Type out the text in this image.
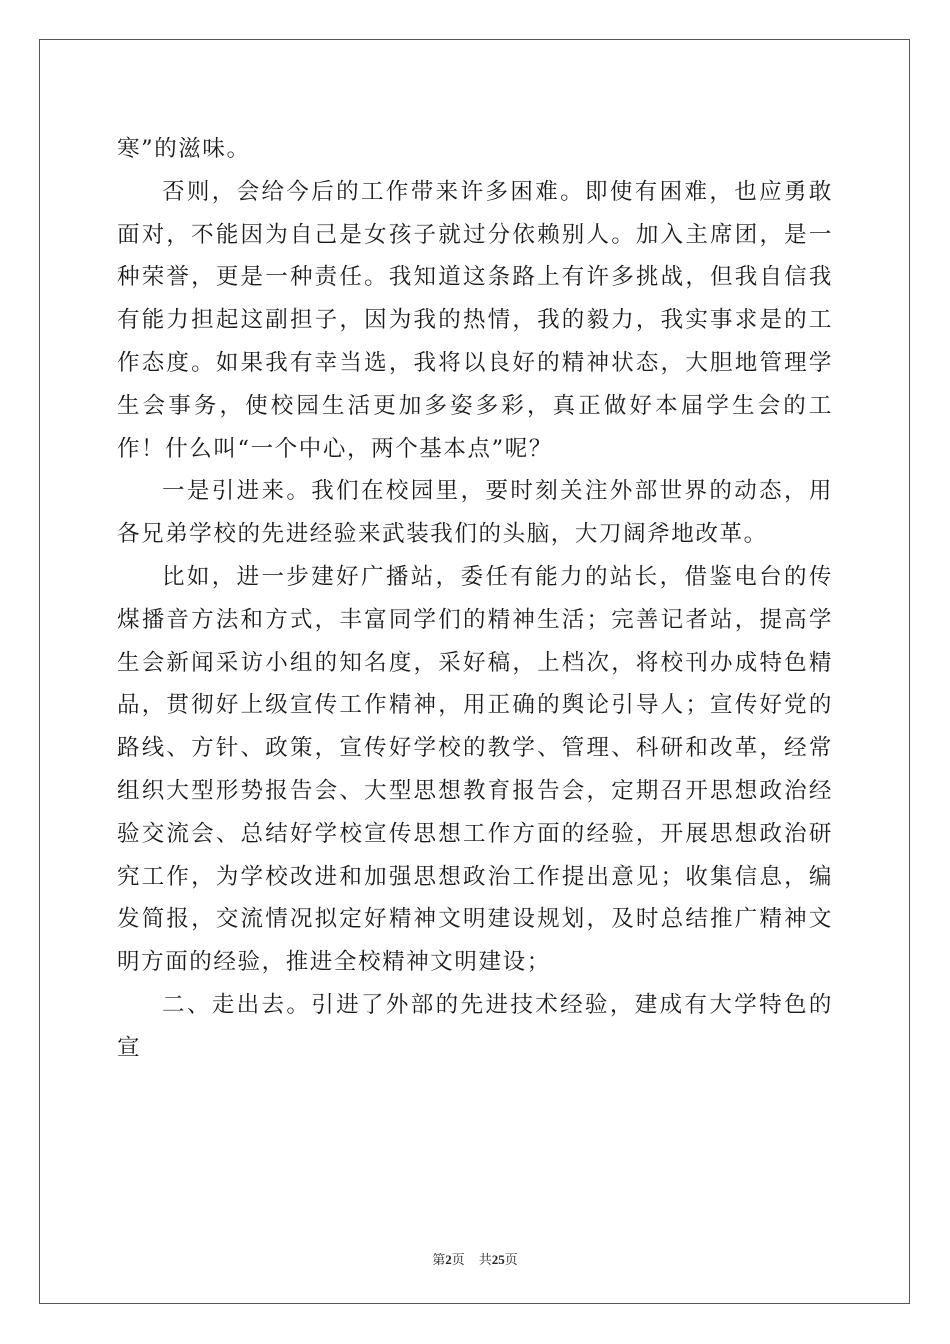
寒”的滋味。

否则，会给今后的工作带来许多困难。即使有困难，也应勇敢面对，不能因为自己是女孩子就过分依赖别人。加入主席团，是一种荣誉，更是一种责任。我知道这条路上有许多挑战，但我自信我有能力担起这副担子，因为我的热情，我的毅力，我实事求是的工作态度。如果我有幸当选，我将以良好的精神状态，大胆地管理学生会事务，使校园生活更加多姿多彩，真正做好本届学生会的工作！什么叫“一个中心，两个基本点”呢？

一是引进来。我们在校园里，要时刻关注外部世界的动态，用各兄弟学校的先进经验来武装我们的头脑，大刀阔斧地改革。

比如，进一步建好广播站，委任有能力的站长，借鉴电台的传煤播音方法和方式，丰富同学们的精神生活；完善记者站，提高学生会新闻采访小组的知名度，采好稿，上档次，将校刊办成特色精品，贯彻好上级宣传工作精神，用正确的舆论引导人；宣传好党的路线、方针、政策，宣传好学校的教学、管理、科研和改革，经常组织大型形势报告会、大型思想教育报告会，定期召开思想政治经验交流会、总结好学校宣传思想工作方面的经验，开展思想政治研究工作，为学校改进和加强思想政治工作提出意见；收集信息，编发简报，交流情况拟定好精神文明建设规划，及时总结推广精神文明方面的经验，推进全校精神文明建设；

二、走出去。引进了外部的先进技术经验，建成有大学特色的宣

第2页 共25页
